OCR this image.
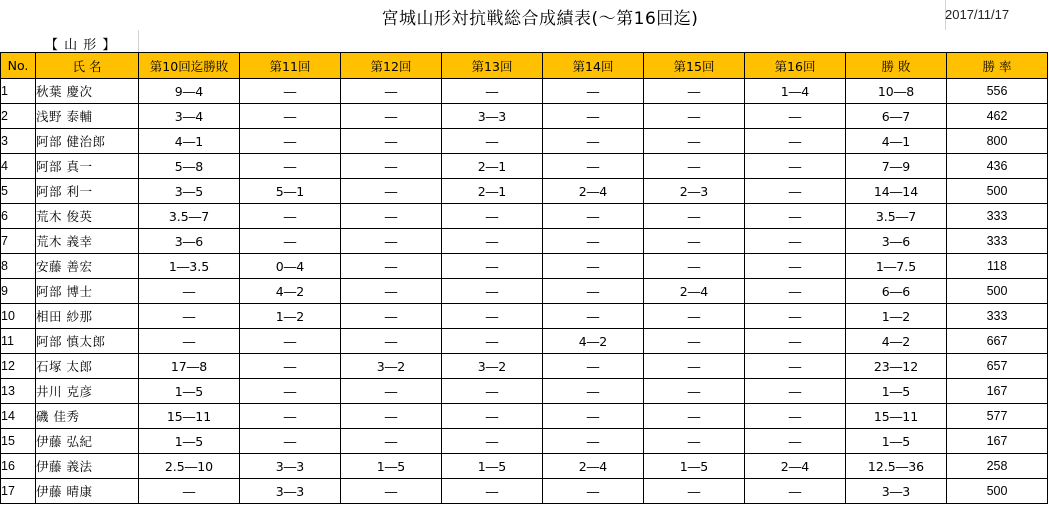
宮城山形対抗戦総合成績表(～第16回迄)	2017/11/17
【 山 形 】
No.	氏 名	第10回迄勝敗	第11回	第12回	第13回	第14回	第15回	第16回	勝 敗	勝 率
1	秋葉 慶次	9―4	―	―	―	―	―	1―4	10―8	556
2	浅野 泰輔	3―4	―	―	3―3	―	―	―	6―7	462
3	阿部 健治郎	4―1	―	―	―	―	―	―	4―1	800
4	阿部 真一	5―8	―	―	2―1	―	―	―	7―9	436
5	阿部 利一	3―5	5―1	―	2―1	2―4	2―3	―	14―14	500
6	荒木 俊英	3.5―7	―	―	―	―	―	―	3.5―7	333
7	荒木 義幸	3―6	―	―	―	―	―	―	3―6	333
8	安藤 善宏	1―3.5	0―4	―	―	―	―	―	1―7.5	118
9	阿部 博士	―	4―2	―	―	―	2―4	―	6―6	500
10	相田 紗那	―	1―2	―	―	―	―	―	1―2	333
11	阿部 慎太郎	―	―	―	―	4―2	―	―	4―2	667
12	石塚 太郎	17―8	―	3―2	3―2	―	―	―	23―12	657
13	井川 克彦	1―5	―	―	―	―	―	―	1―5	167
14	磯 佳秀	15―11	―	―	―	―	―	―	15―11	577
15	伊藤 弘紀	1―5	―	―	―	―	―	―	1―5	167
16	伊藤 義法	2.5―10	3―3	1―5	1―5	2―4	1―5	2―4	12.5―36	258
17	伊藤 晴康	―	3―3	―	―	―	―	―	3―3	500
